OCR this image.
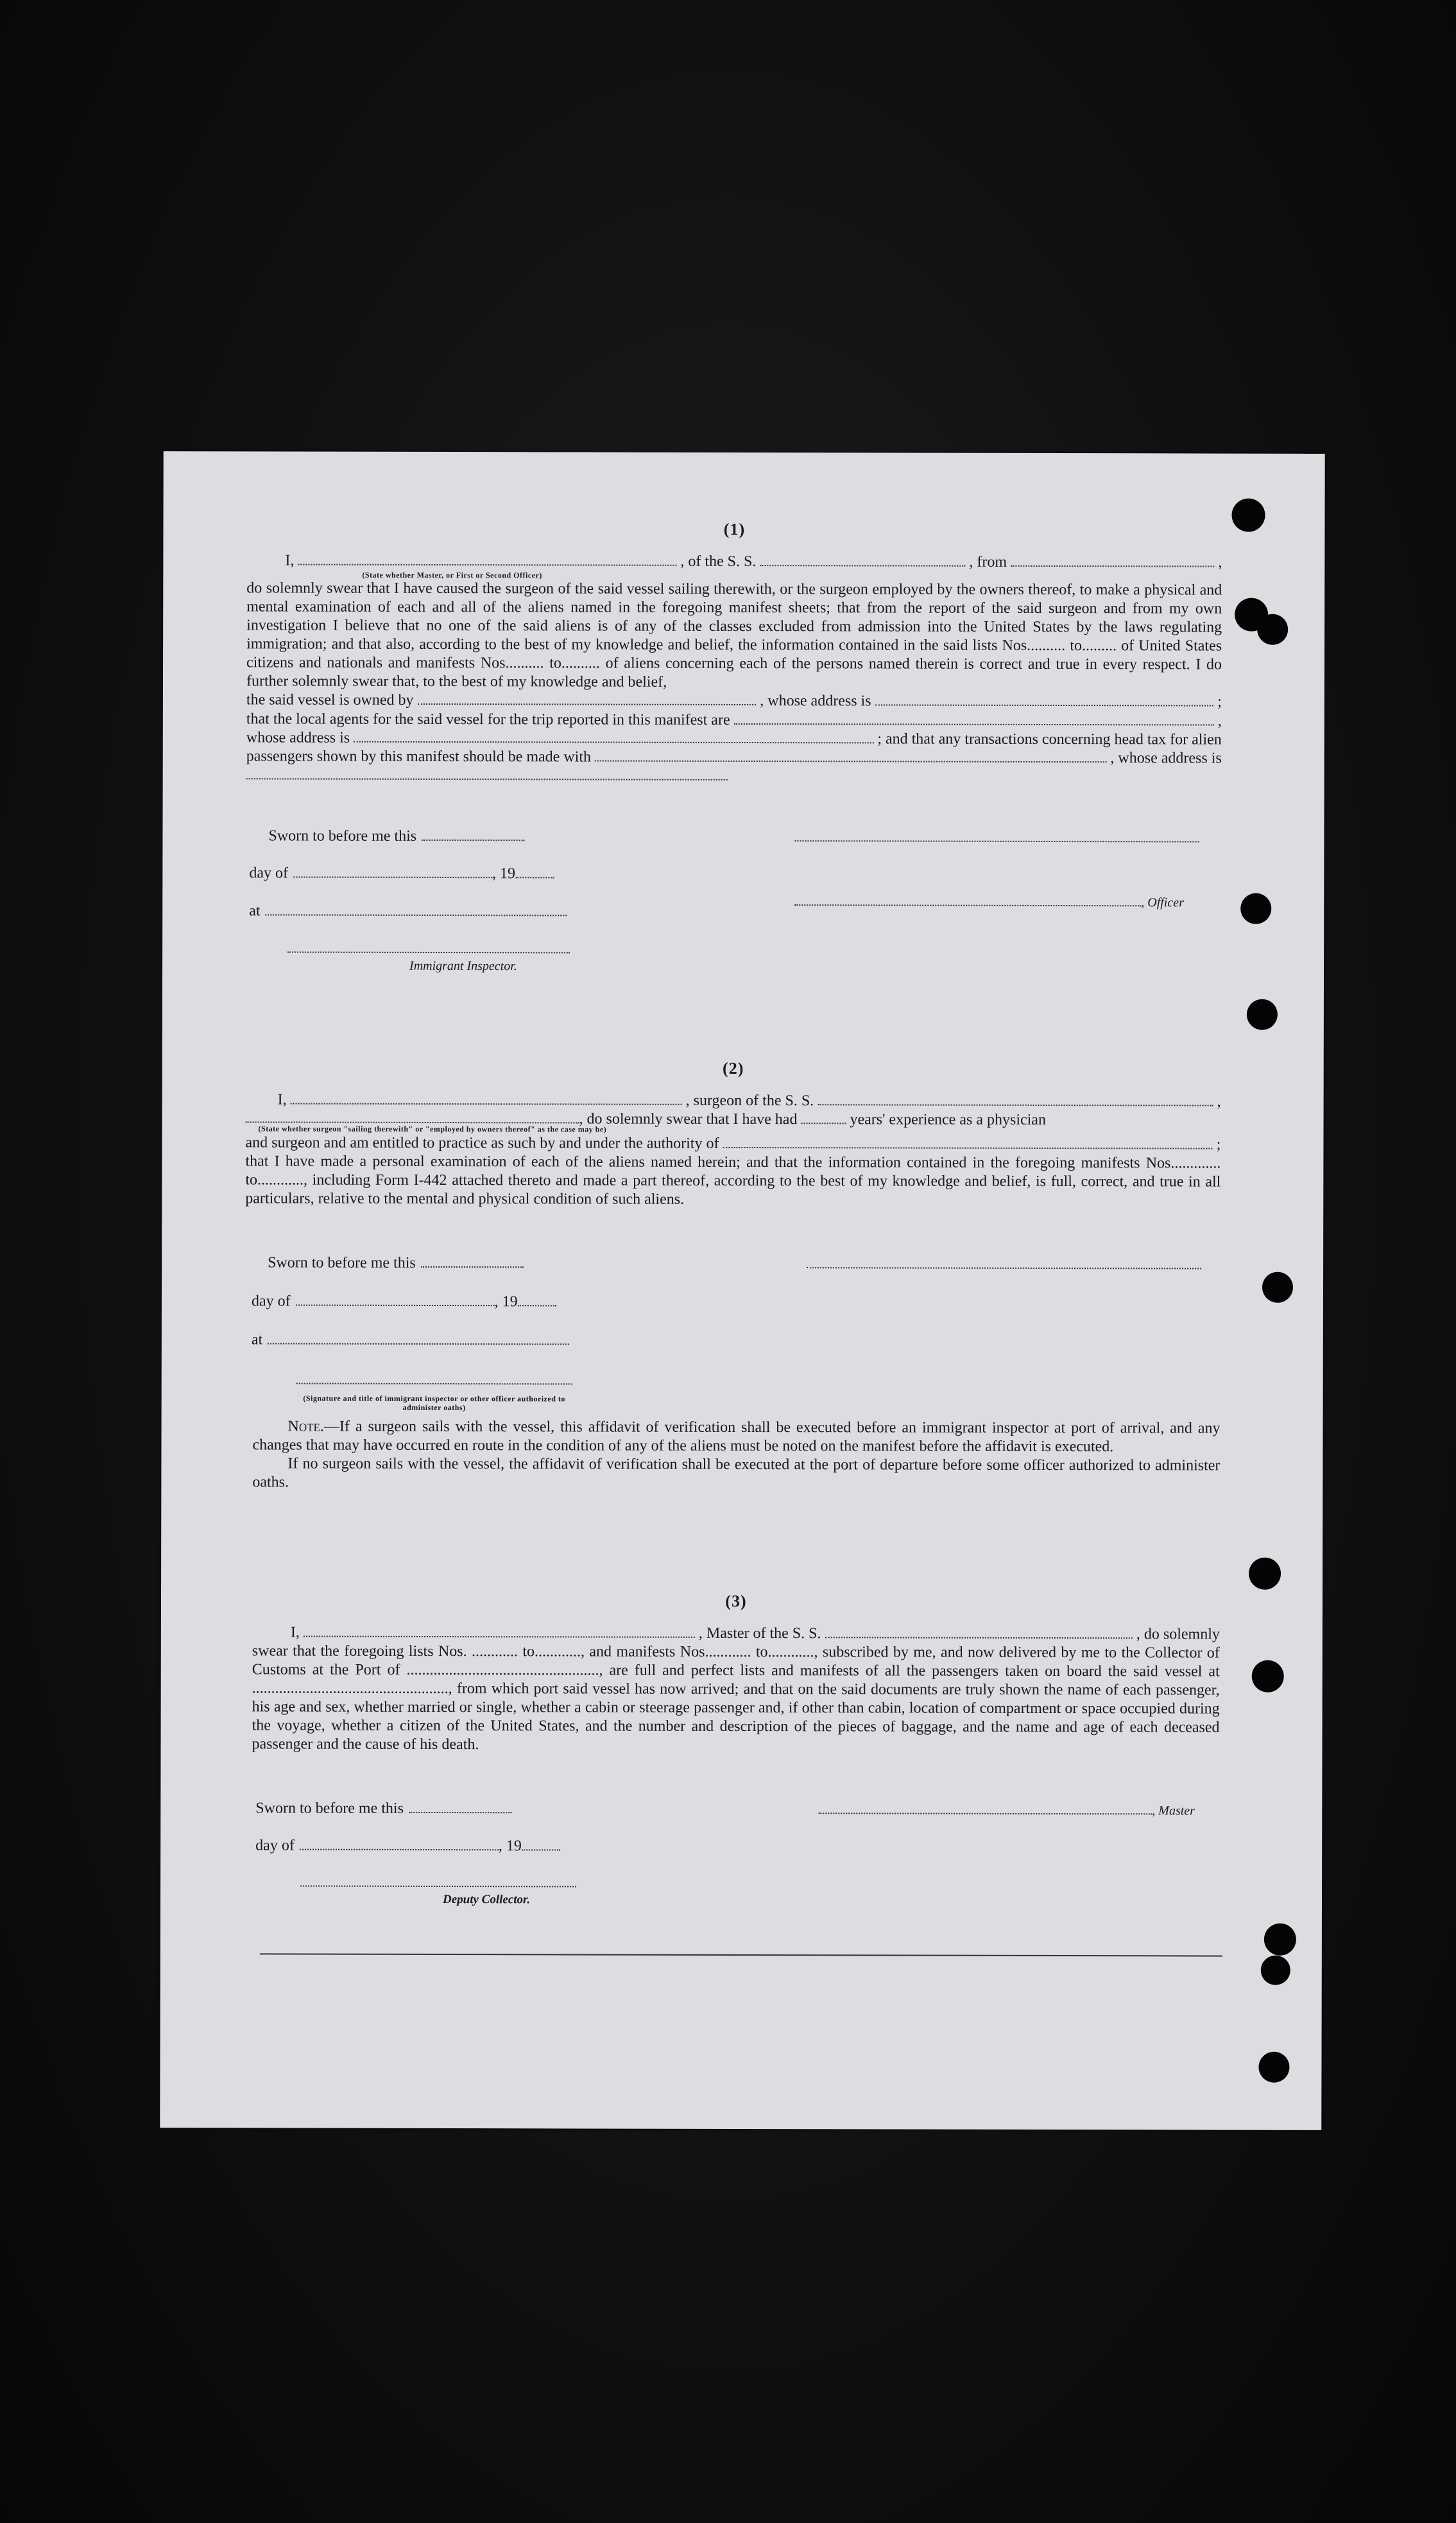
(1)
I,	, of the S. S.	, from	,
(State whether Master, or First or Second Officer)

do solemnly swear that I have caused the surgeon of the said vessel sailing therewith, or the surgeon employed by the owners thereof, to make a physical and mental examination of each and all of the aliens named in the foregoing manifest sheets; that from the report of the said surgeon and from my own investigation I believe that no one of the said aliens is of any of the classes excluded from admission into the United States by the laws regulating immigration; and that also, according to the best of my knowledge and belief, the information contained in the said lists Nos.......... to......... of United States citizens and nationals and manifests Nos.......... to.......... of aliens concerning each of the persons named therein is correct and true in every respect. I do further solemnly swear that, to the best of my knowledge and belief,

the said vessel is owned by	, whose address is	;
that the local agents for the said vessel for the trip reported in this manifest are	,
whose address is	; and that any transactions concerning head tax for alien
passengers shown by this manifest should be made with	, whose address is
Sworn to before me this
day of	, 19
, Officer
at
Immigrant Inspector.
(2)
I,	, surgeon of the S. S.	,
, do solemnly swear that I have had	years' experience as a physician
(State whether surgeon "sailing therewith" or "employed by owners thereof" as the case may be)
and surgeon and am entitled to practice as such by and under the authority of	;

that I have made a personal examination of each of the aliens named herein; and that the information contained in the foregoing manifests Nos............. to............, including Form I-442 attached thereto and made a part thereof, according to the best of my knowledge and belief, is full, correct, and true in all particulars, relative to the mental and physical condition of such aliens.

Sworn to before me this
day of	, 19
at
(Signature and title of immigrant inspector or other officer authorized to administer oaths)

Note.—If a surgeon sails with the vessel, this affidavit of verification shall be executed before an immigrant inspector at port of arrival, and any changes that may have occurred en route in the condition of any of the aliens must be noted on the manifest before the affidavit is executed.

If no surgeon sails with the vessel, the affidavit of verification shall be executed at the port of departure before some officer authorized to administer oaths.

(3)
I,	, Master of the S. S.	, do solemnly

swear that the foregoing lists Nos. ............ to............, and manifests Nos............ to............, subscribed by me, and now delivered by me to the Collector of Customs at the Port of .................................................., are full and perfect lists and manifests of all the passengers taken on board the said vessel at ..................................................., from which port said vessel has now arrived; and that on the said documents are truly shown the name of each passenger, his age and sex, whether married or single, whether a cabin or steerage passenger and, if other than cabin, location of compartment or space occupied during the voyage, whether a citizen of the United States, and the number and description of the pieces of baggage, and the name and age of each deceased passenger and the cause of his death.

Sworn to before me this	, Master
day of	, 19
Deputy Collector.
